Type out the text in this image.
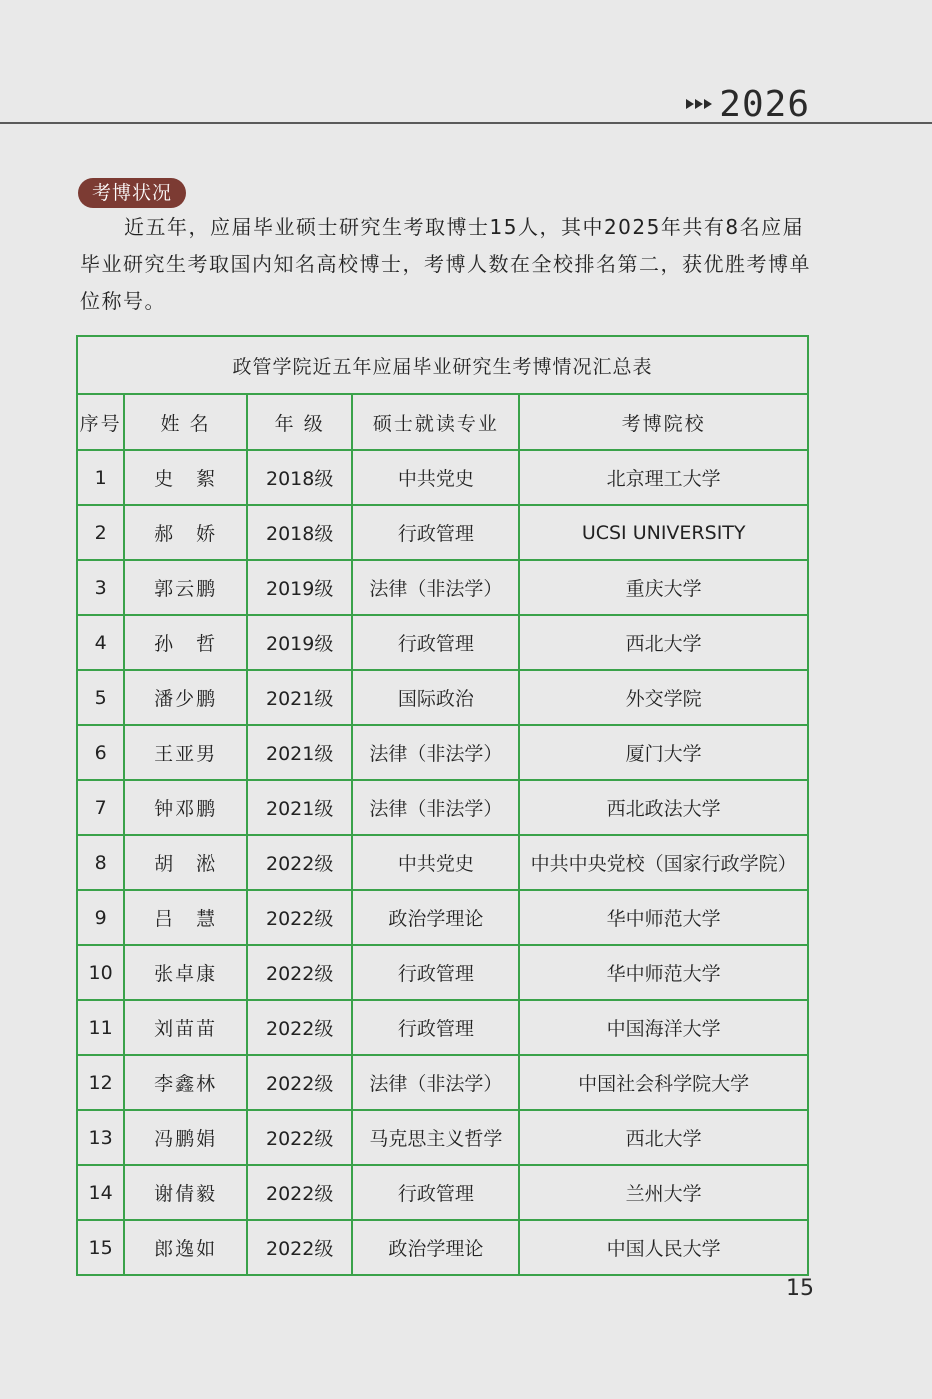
2026
考博状况

近五年，应届毕业硕士研究生考取博士15人，其中2025年共有8名应届毕业研究生考取国内知名高校博士，考博人数在全校排名第二，获优胜考博单位称号。

政管学院近五年应届毕业研究生考博情况汇总表				
序号	姓 名	年 级	硕士就读专业	考博院校
1	史　絮	2018级	中共党史	北京理工大学
2	郝　娇	2018级	行政管理	UCSI UNIVERSITY
3	郭云鹏	2019级	法律（非法学）	重庆大学
4	孙　哲	2019级	行政管理	西北大学
5	潘少鹏	2021级	国际政治	外交学院
6	王亚男	2021级	法律（非法学）	厦门大学
7	钟邓鹏	2021级	法律（非法学）	西北政法大学
8	胡　淞	2022级	中共党史	中共中央党校（国家行政学院）
9	吕　慧	2022级	政治学理论	华中师范大学
10	张卓康	2022级	行政管理	华中师范大学
11	刘苗苗	2022级	行政管理	中国海洋大学
12	李鑫林	2022级	法律（非法学）	中国社会科学院大学
13	冯鹏娟	2022级	马克思主义哲学	西北大学
14	谢倩毅	2022级	行政管理	兰州大学
15	郎逸如	2022级	政治学理论	中国人民大学
15
